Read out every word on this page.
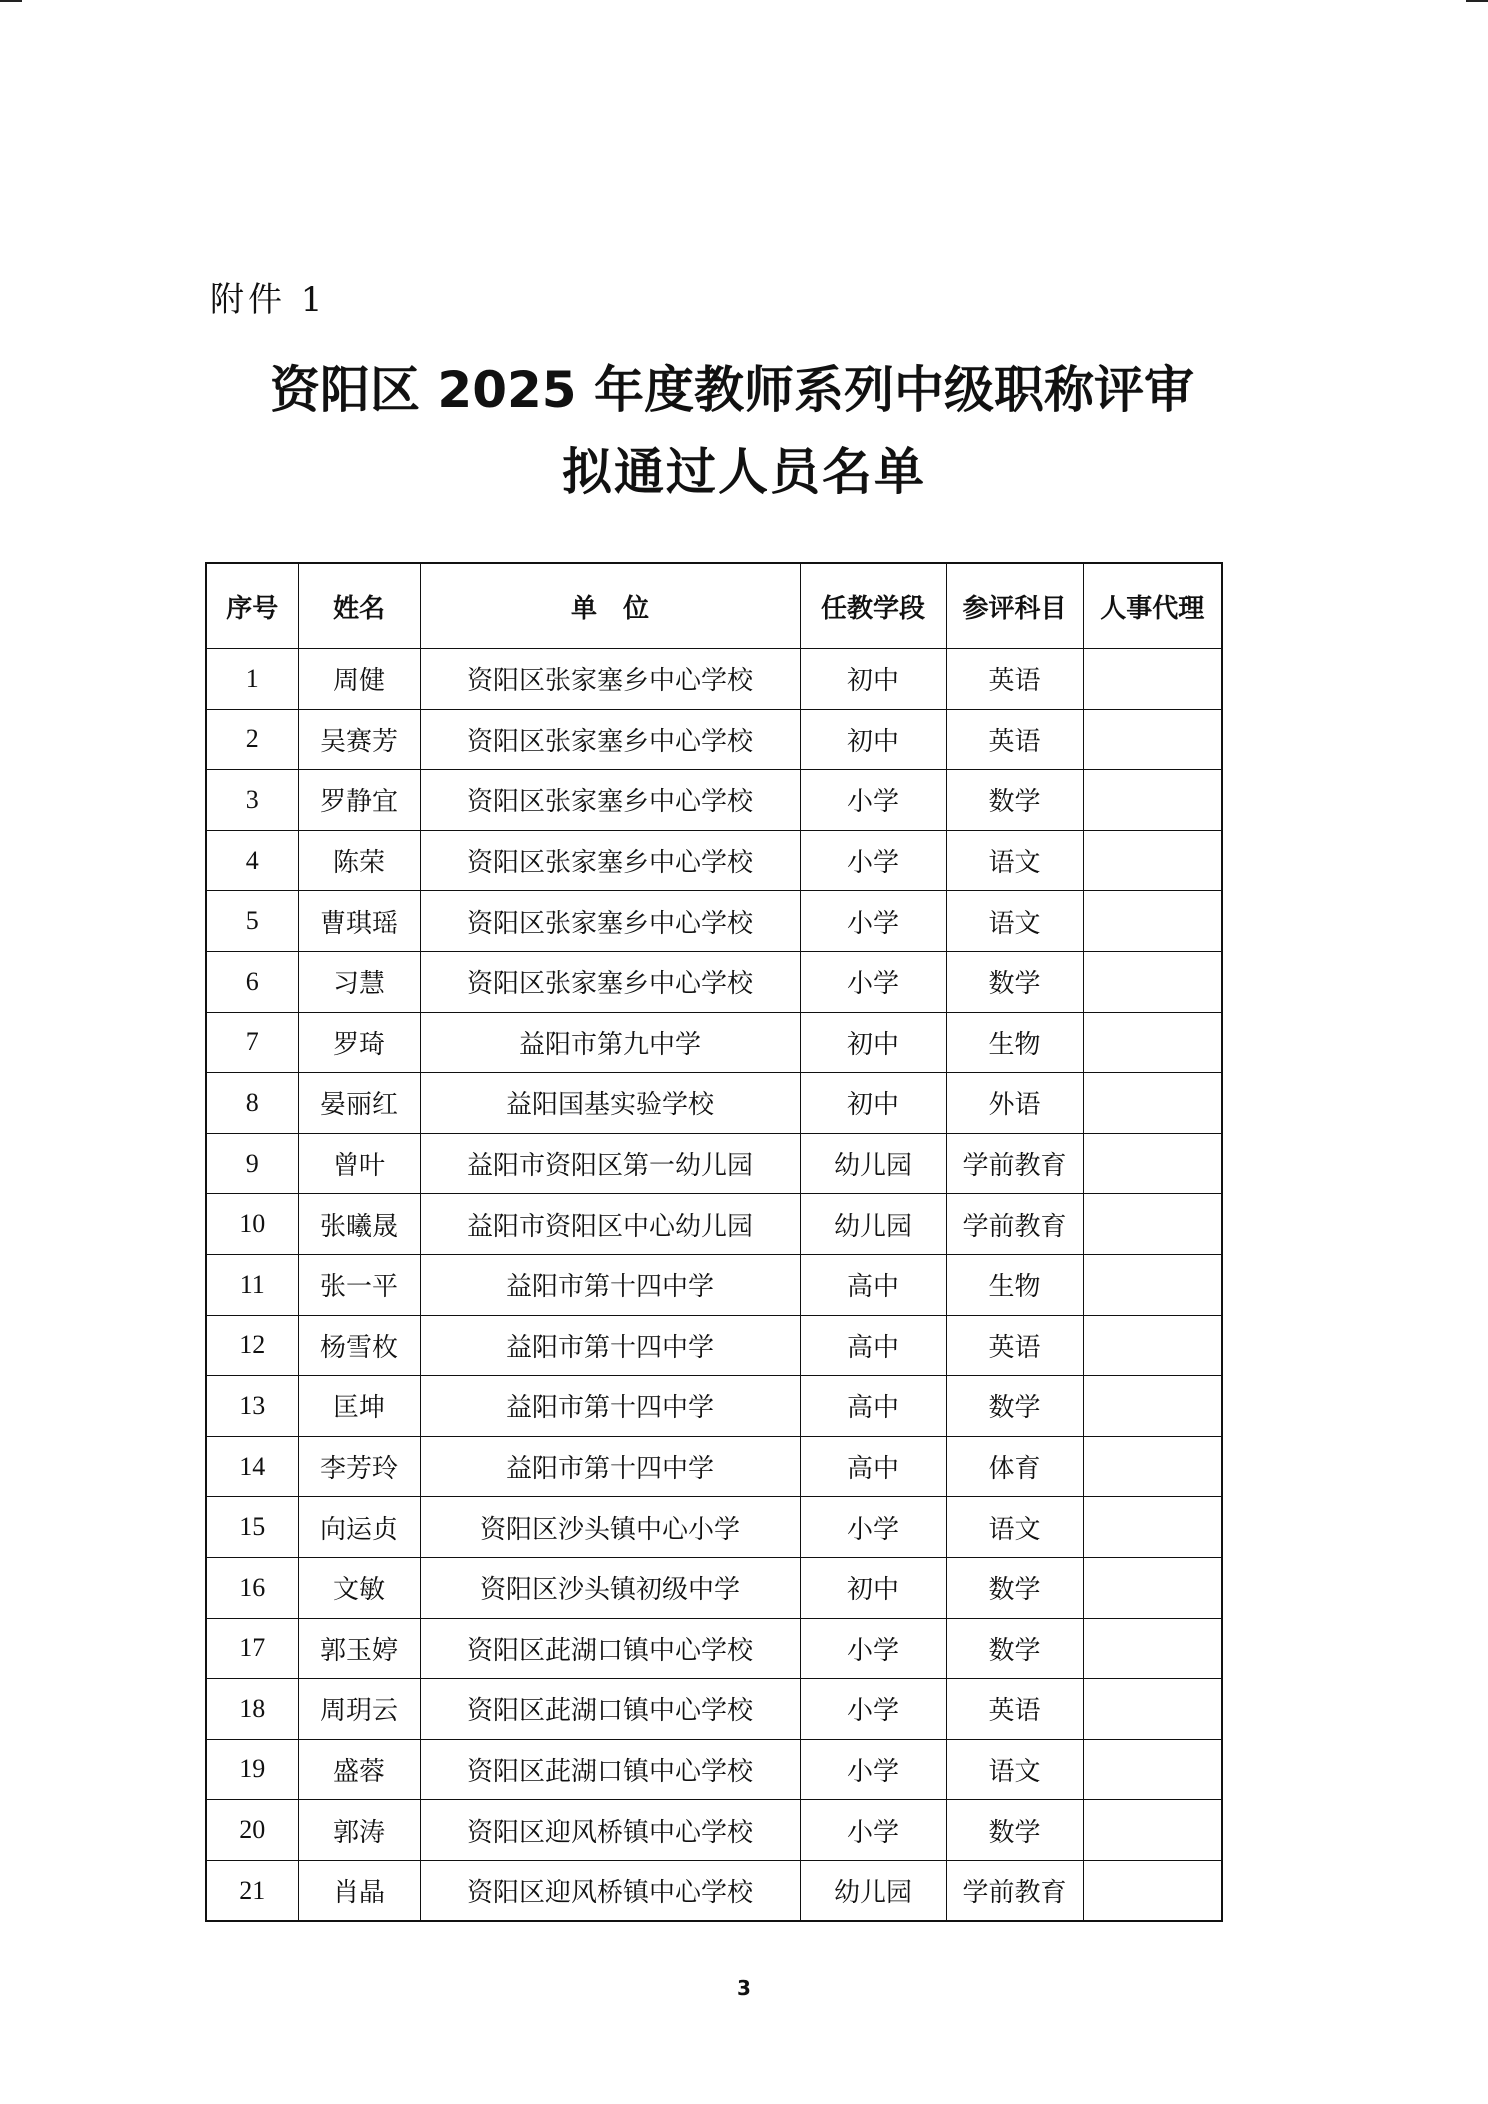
附件 1
资阳区 2025 年度教师系列中级职称评审
拟通过人员名单
序号	姓名	单　位	任教学段	参评科目	人事代理
1	周健	资阳区张家塞乡中心学校	初中	英语	
2	吴赛芳	资阳区张家塞乡中心学校	初中	英语	
3	罗静宜	资阳区张家塞乡中心学校	小学	数学	
4	陈荣	资阳区张家塞乡中心学校	小学	语文	
5	曹琪瑶	资阳区张家塞乡中心学校	小学	语文	
6	习慧	资阳区张家塞乡中心学校	小学	数学	
7	罗琦	益阳市第九中学	初中	生物	
8	晏丽红	益阳国基实验学校	初中	外语	
9	曾叶	益阳市资阳区第一幼儿园	幼儿园	学前教育	
10	张曦晟	益阳市资阳区中心幼儿园	幼儿园	学前教育	
11	张一平	益阳市第十四中学	高中	生物	
12	杨雪枚	益阳市第十四中学	高中	英语	
13	匡坤	益阳市第十四中学	高中	数学	
14	李芳玲	益阳市第十四中学	高中	体育	
15	向运贞	资阳区沙头镇中心小学	小学	语文	
16	文敏	资阳区沙头镇初级中学	初中	数学	
17	郭玉婷	资阳区茈湖口镇中心学校	小学	数学	
18	周玥云	资阳区茈湖口镇中心学校	小学	英语	
19	盛蓉	资阳区茈湖口镇中心学校	小学	语文	
20	郭涛	资阳区迎风桥镇中心学校	小学	数学	
21	肖晶	资阳区迎风桥镇中心学校	幼儿园	学前教育	
3
